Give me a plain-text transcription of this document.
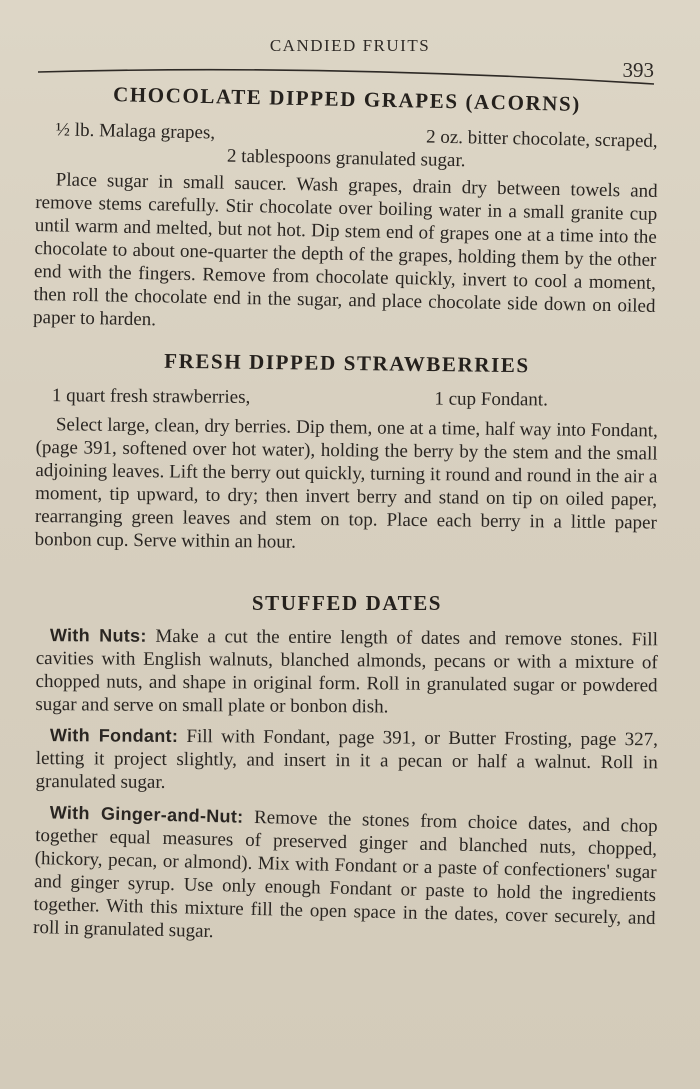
CANDIED FRUITS
393
CHOCOLATE DIPPED GRAPES (ACORNS)
½ lb. Malaga grapes,	2 oz. bitter chocolate, scraped,
2 tablespoons granulated sugar.

Place sugar in small saucer. Wash grapes, drain dry between towels and remove stems carefully. Stir chocolate over boiling water in a small granite cup until warm and melted, but not hot. Dip stem end of grapes one at a time into the chocolate to about one-quarter the depth of the grapes, holding them by the other end with the fingers. Remove from chocolate quickly, invert to cool a moment, then roll the chocolate end in the sugar, and place chocolate side down on oiled paper to harden.

FRESH DIPPED STRAWBERRIES
1 quart fresh strawberries,	1 cup Fondant.

Select large, clean, dry berries. Dip them, one at a time, half way into Fondant, (page 391, softened over hot water), holding the berry by the stem and the small adjoining leaves. Lift the berry out quickly, turning it round and round in the air a moment, tip upward, to dry; then invert berry and stand on tip on oiled paper, rearranging green leaves and stem on top. Place each berry in a little paper bonbon cup. Serve within an hour.

STUFFED DATES

With Nuts: Make a cut the entire length of dates and remove stones. Fill cavities with English walnuts, blanched almonds, pecans or with a mixture of chopped nuts, and shape in original form. Roll in granulated sugar or powdered sugar and serve on small plate or bonbon dish.

With Fondant: Fill with Fondant, page 391, or Butter Frosting, page 327, letting it project slightly, and insert in it a pecan or half a walnut. Roll in granulated sugar.

With Ginger-and-Nut: Remove the stones from choice dates, and chop together equal measures of preserved ginger and blanched nuts, chopped, (hickory, pecan, or almond). Mix with Fondant or a paste of confectioners' sugar and ginger syrup. Use only enough Fondant or paste to hold the ingredients together. With this mixture fill the open space in the dates, cover securely, and roll in granulated sugar.
